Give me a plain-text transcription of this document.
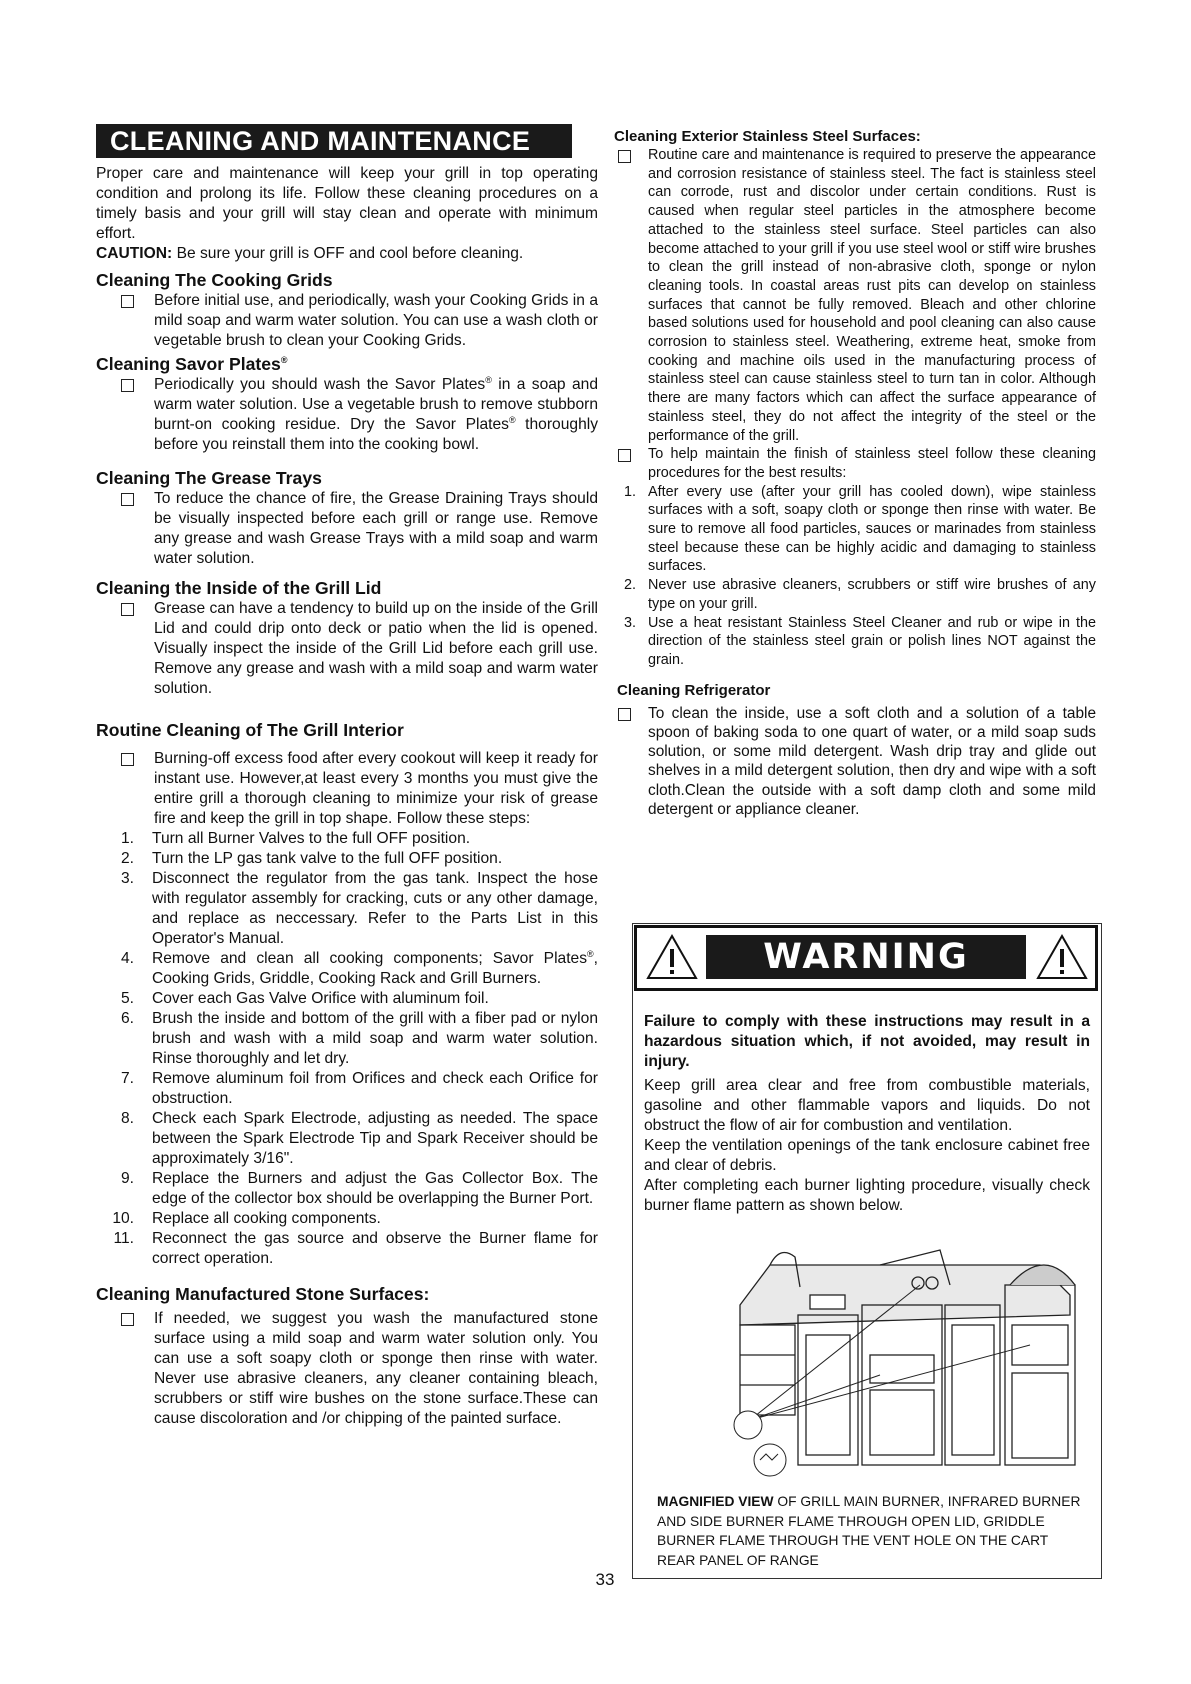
CLEANING AND MAINTENANCE

Proper care and maintenance will keep your grill in top operating condition and prolong its life. Follow these cleaning procedures on a timely basis and your grill will stay clean and operate with minimum effort.

CAUTION: Be sure your grill is OFF and cool before cleaning.

Cleaning The Cooking Grids

Before initial use, and periodically, wash your Cooking Grids in a mild soap and warm water solution. You can use a wash cloth or vegetable brush to clean your Cooking Grids.

Cleaning Savor Plates®

Periodically you should wash the Savor Plates® in a soap and warm water solution. Use a vegetable brush to remove stubborn burnt-on cooking residue. Dry the Savor Plates® thoroughly before you reinstall them into the cooking bowl.

Cleaning The Grease Trays

To reduce the chance of fire, the Grease Draining Trays should be visually inspected before each grill or range use. Remove any grease and wash Grease Trays with a mild soap and warm water solution.

Cleaning the Inside of the Grill Lid

Grease can have a tendency to build up on the inside of the Grill Lid and could drip onto deck or patio when the lid is opened. Visually inspect the inside of the Grill Lid before each grill use. Remove any grease and wash with a mild soap and warm water solution.

Routine Cleaning of The Grill Interior

Burning-off excess food after every cookout will keep it ready for instant use. However,at least every 3 months you must give the entire grill a thorough cleaning to minimize your risk of grease fire and keep the grill in top shape. Follow these steps:

1. Turn all Burner Valves to the full OFF position.

2. Turn the LP gas tank valve to the full OFF position.

3. Disconnect the regulator from the gas tank. Inspect the hose with regulator assembly for cracking, cuts or any other damage, and replace as neccessary. Refer to the Parts List in this Operator's Manual.

4. Remove and clean all cooking components; Savor Plates®, Cooking Grids, Griddle, Cooking Rack and Grill Burners.

5. Cover each Gas Valve Orifice with aluminum foil.

6. Brush the inside and bottom of the grill with a fiber pad or nylon brush and wash with a mild soap and warm water solution. Rinse thoroughly and let dry.

7. Remove aluminum foil from Orifices and check each Orifice for obstruction.

8. Check each Spark Electrode, adjusting as needed. The space between the Spark Electrode Tip and Spark Receiver should be approximately 3/16".

9. Replace the Burners and adjust the Gas Collector Box. The edge of the collector box should be overlapping the Burner Port.

10. Replace all cooking components.

11. Reconnect the gas source and observe the Burner flame for correct operation.

Cleaning Manufactured Stone Surfaces:

If needed, we suggest you wash the manufactured stone surface using a mild soap and warm water solution only. You can use a soft soapy cloth or sponge then rinse with water. Never use abrasive cleaners, any cleaner containing bleach, scrubbers or stiff wire bushes on the stone surface.These can cause discoloration and /or chipping of the painted surface.

Cleaning Exterior Stainless Steel Surfaces:

Routine care and maintenance is required to preserve the appearance and corrosion resistance of stainless steel. The fact is stainless steel can corrode, rust and discolor under certain conditions. Rust is caused when regular steel particles in the atmosphere become attached to the stainless steel surface. Steel particles can also become attached to your grill if you use steel wool or stiff wire brushes to clean the grill instead of non-abrasive cloth, sponge or nylon cleaning tools. In coastal areas rust pits can develop on stainless surfaces that cannot be fully removed. Bleach and other chlorine based solutions used for household and pool cleaning can also cause corrosion to stainless steel. Weathering, extreme heat, smoke from cooking and machine oils used in the manufacturing process of stainless steel can cause stainless steel to turn tan in color. Although there are many factors which can affect the surface appearance of stainless steel, they do not affect the integrity of the steel or the performance of the grill.

To help maintain the finish of stainless steel follow these cleaning procedures for the best results:

1. After every use (after your grill has cooled down), wipe stainless surfaces with a soft, soapy cloth or sponge then rinse with water. Be sure to remove all food particles, sauces or marinades from stainless steel because these can be highly acidic and damaging to stainless surfaces.

2. Never use abrasive cleaners, scrubbers or stiff wire brushes of any type on your grill.

3. Use a heat resistant Stainless Steel Cleaner and rub or wipe in the direction of the stainless steel grain or polish lines NOT against the grain.

Cleaning Refrigerator

To clean the inside, use a soft cloth and a solution of a table spoon of baking soda to one quart of water, or a mild soap suds solution, or some mild detergent. Wash drip tray and glide out shelves in a mild detergent solution, then dry and wipe with a soft cloth.Clean the outside with a soft damp cloth and some mild detergent or appliance cleaner.

WARNING

Failure to comply with these instructions may result in a hazardous situation which, if not avoided, may result in injury.

Keep grill area clear and free from combustible materials, gasoline and other flammable vapors and liquids. Do not obstruct the flow of air for combustion and ventilation.

Keep the ventilation openings of the tank enclosure cabinet free and clear of debris.

After completing each burner lighting procedure, visually check burner flame pattern as shown below.

MAGNIFIED VIEW OF GRILL MAIN BURNER, INFRARED BURNER AND SIDE BURNER FLAME THROUGH OPEN LID, GRIDDLE BURNER FLAME THROUGH THE VENT HOLE ON THE CART REAR PANEL OF RANGE
33
